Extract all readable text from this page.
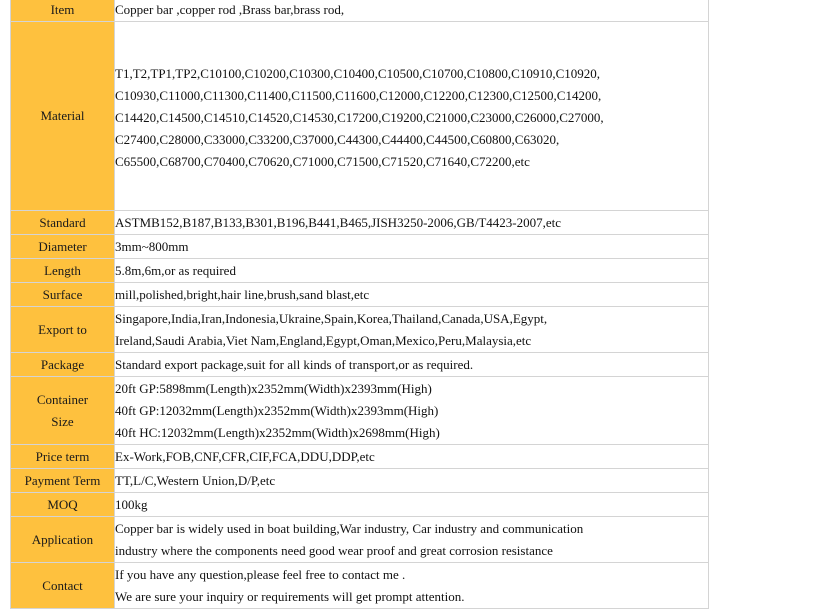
Item	Copper bar ,copper rod ,Brass bar,brass rod,

Material	T1,T2,TP1,TP2,C10100,C10200,C10300,C10400,C10500,C10700,C10800,C10910,C10920,
C10930,C11000,C11300,C11400,C11500,C11600,C12000,C12200,C12300,C12500,C14200,
C14420,C14500,C14510,C14520,C14530,C17200,C19200,C21000,C23000,C26000,C27000,
C27400,C28000,C33000,C33200,C37000,C44300,C44400,C44500,C60800,C63020,
C65500,C68700,C70400,C70620,C71000,C71500,C71520,C71640,C72200,etc

Standard	ASTMB152,B187,B133,B301,B196,B441,B465,JISH3250-2006,GB/T4423-2007,etc

Diameter	3mm~800mm

Length	5.8m,6m,or as required

Surface	mill,polished,bright,hair line,brush,sand blast,etc

Export to	Singapore,India,Iran,Indonesia,Ukraine,Spain,Korea,Thailand,Canada,USA,Egypt,
Ireland,Saudi Arabia,Viet Nam,England,Egypt,Oman,Mexico,Peru,Malaysia,etc

Package	Standard export package,suit for all kinds of transport,or as required.

Container
Size	20ft GP:5898mm(Length)x2352mm(Width)x2393mm(High)
40ft GP:12032mm(Length)x2352mm(Width)x2393mm(High)
40ft HC:12032mm(Length)x2352mm(Width)x2698mm(High)

Price term	Ex-Work,FOB,CNF,CFR,CIF,FCA,DDU,DDP,etc

Payment Term	TT,L/C,Western Union,D/P,etc

MOQ	100kg

Application	Copper bar is widely used in boat building,War industry, Car industry and communication
industry where the components need good wear proof and great corrosion resistance

Contact	If you have any question,please feel free to contact me .
We are sure your inquiry or requirements will get prompt attention.
